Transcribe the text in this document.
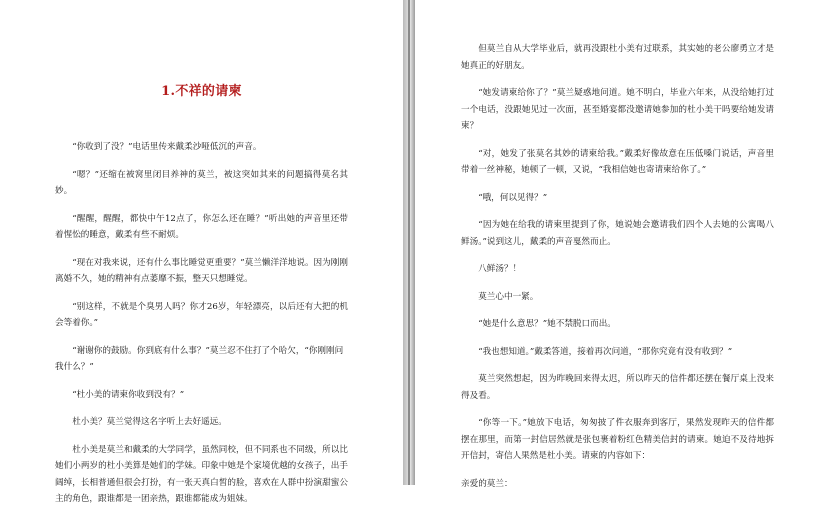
1.不祥的请柬

“你收到了没？”电话里传来戴柔沙哑低沉的声音。

“嗯？”还缩在被窝里闭目养神的莫兰，被这突如其来的问题搞得莫名其妙。

“醒醒，醒醒，都快中午12点了，你怎么还在睡？”听出她的声音里还带着惺忪的睡意，戴柔有些不耐烦。

“现在对我来说，还有什么事比睡觉更重要？”莫兰懒洋洋地说。因为刚刚离婚不久，她的精神有点萎靡不振，整天只想睡觉。

“别这样，不就是个臭男人吗？你才26岁，年轻漂亮，以后还有大把的机会等着你。”

“谢谢你的鼓励。你到底有什么事？”莫兰忍不住打了个哈欠，“你刚刚问我什么？”

“杜小美的请柬你收到没有？”

杜小美？莫兰觉得这名字听上去好遥远。

杜小美是莫兰和戴柔的大学同学，虽然同校，但不同系也不同级，所以比她们小两岁的杜小美算是她们的学妹。印象中她是个家境优越的女孩子，出手阔绰，长相普通但很会打扮，有一张天真白皙的脸，喜欢在人群中扮演甜蜜公主的角色，跟谁都是一团亲热，跟谁都能成为姐妹。

但莫兰自从大学毕业后，就再没跟杜小美有过联系，其实她的老公廖勇立才是她真正的好朋友。

“她发请柬给你了？”莫兰疑惑地问道。她不明白，毕业六年来，从没给她打过一个电话，没跟她见过一次面，甚至婚宴都没邀请她参加的杜小美干吗要给她发请柬？

“对，她发了张莫名其妙的请柬给我。”戴柔好像故意在压低嗓门说话，声音里带着一丝神秘，她顿了一顿，又说，“我相信她也寄请柬给你了。”

“哦，何以见得？”

“因为她在给我的请柬里提到了你，她说她会邀请我们四个人去她的公寓喝八鲜汤。”说到这儿，戴柔的声音戛然而止。

八鲜汤？！

莫兰心中一紧。

“她是什么意思？”她不禁脱口而出。

“我也想知道。”戴柔答道，接着再次问道，“那你究竟有没有收到？”

莫兰突然想起，因为昨晚回来得太迟，所以昨天的信件都还摆在餐厅桌上没来得及看。

“你等一下。”她放下电话，匆匆披了件衣服奔到客厅，果然发现昨天的信件都摆在那里，而第一封信居然就是张包裹着粉红色精美信封的请柬。她迫不及待地拆开信封，寄信人果然是杜小美。请柬的内容如下：

亲爱的莫兰：
